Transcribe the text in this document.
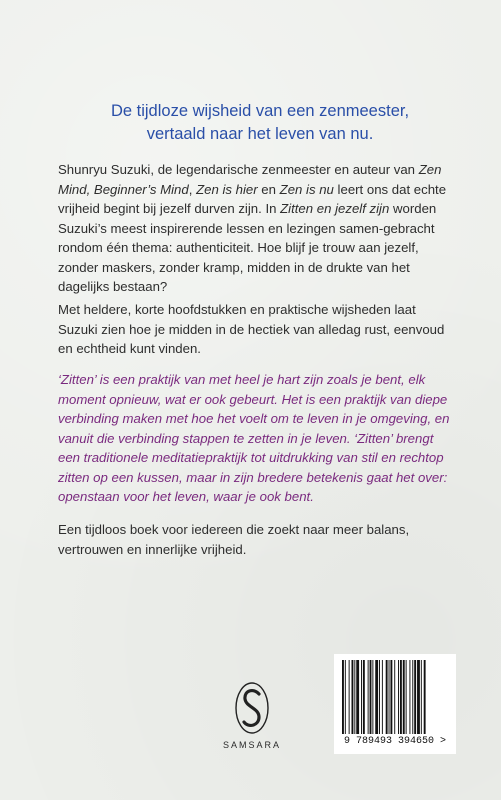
De tijdloze wijsheid van een zenmeester,
vertaald naar het leven van nu.

Shunryu Suzuki, de legendarische zenmeester en auteur van Zen Mind, Beginner’s Mind, Zen is hier en Zen is nu leert ons dat echte vrijheid begint bij jezelf durven zijn. In Zitten en jezelf zijn worden Suzuki’s meest inspirerende lessen en lezingen samen-gebracht rondom één thema: authenticiteit. Hoe blijf je trouw aan jezelf, zonder maskers, zonder kramp, midden in de drukte van het dagelijks bestaan?

Met heldere, korte hoofdstukken en praktische wijsheden laat Suzuki zien hoe je midden in de hectiek van alledag rust, eenvoud en echtheid kunt vinden.

‘Zitten’ is een praktijk van met heel je hart zijn zoals je bent, elk moment opnieuw, wat er ook gebeurt. Het is een praktijk van diepe verbinding maken met hoe het voelt om te leven in je omgeving, en vanuit die verbinding stappen te zetten in je leven. ‘Zitten’ brengt een traditionele meditatiepraktijk tot uitdrukking van stil en rechtop zitten op een kussen, maar in zijn bredere betekenis gaat het over: openstaan voor het leven, waar je ook bent.

Een tijdloos boek voor iedereen die zoekt naar meer balans, vertrouwen en innerlijke vrijheid.

SAMSARA	9 789493 394650 >
